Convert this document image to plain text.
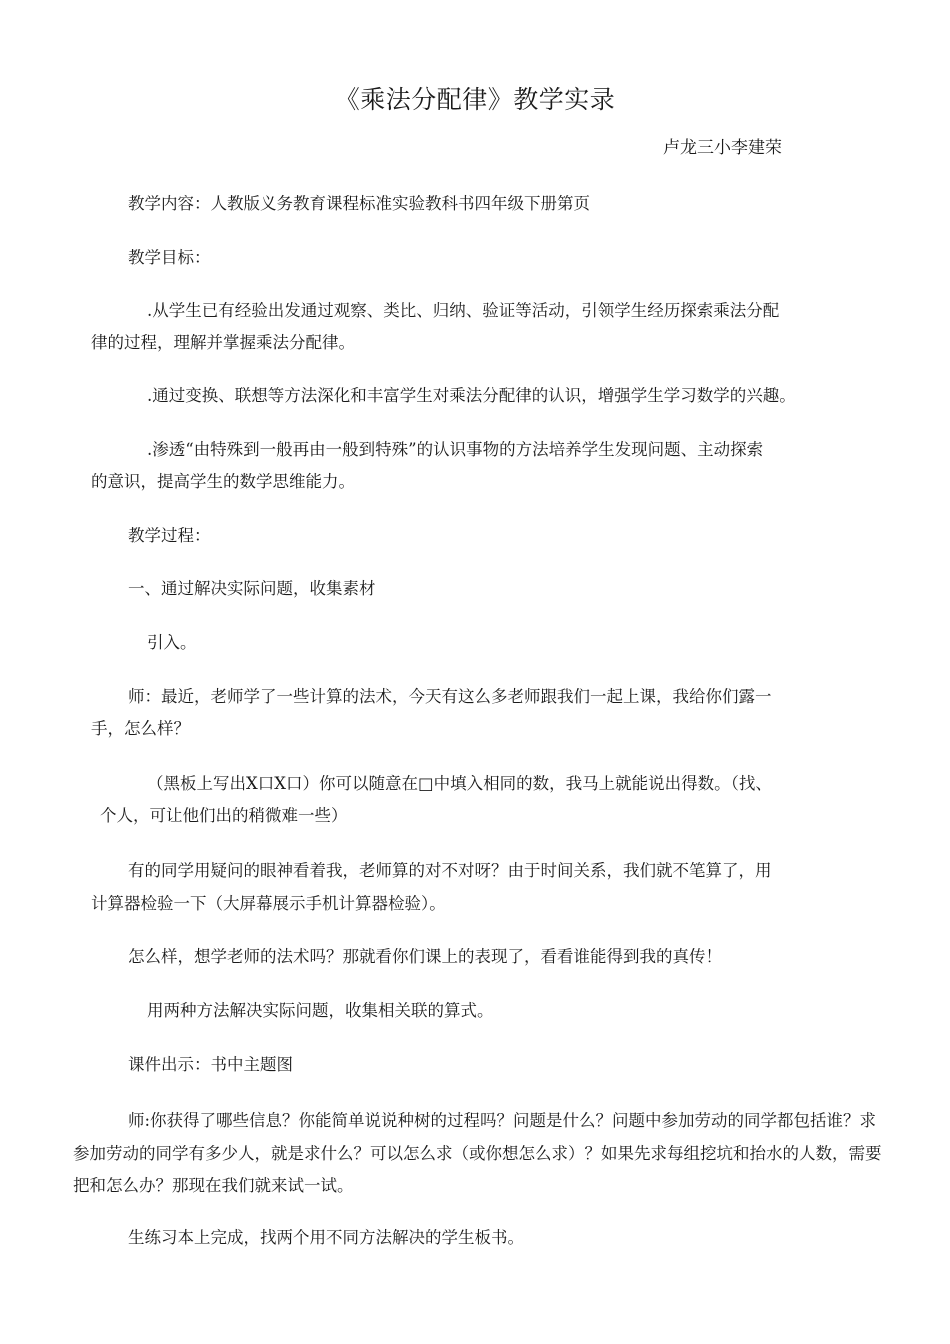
《乘法分配律》教学实录
卢龙三小李建荣
教学内容：人教版义务教育课程标准实验教科书四年级下册第页
教学目标：
.从学生已有经验出发通过观察、类比、归纳、验证等活动，引领学生经历探索乘法分配
律的过程，理解并掌握乘法分配律。
.通过变换、联想等方法深化和丰富学生对乘法分配律的认识，增强学生学习数学的兴趣。
.渗透“由特殊到一般再由一般到特殊”的认识事物的方法培养学生发现问题、主动探索
的意识，提高学生的数学思维能力。
教学过程：
一、通过解决实际问题，收集素材
引入。
师：最近，老师学了一些计算的法术，今天有这么多老师跟我们一起上课，我给你们露一
手，怎么样？
（黑板上写出X口X口）你可以随意在□中填入相同的数，我马上就能说出得数。（找、
个人，可让他们出的稍微难一些）
有的同学用疑问的眼神看着我，老师算的对不对呀？由于时间关系，我们就不笔算了，用
计算器检验一下（大屏幕展示手机计算器检验）。
怎么样，想学老师的法术吗？那就看你们课上的表现了，看看谁能得到我的真传！
用两种方法解决实际问题，收集相关联的算式。
课件出示：书中主题图
师:你获得了哪些信息？你能简单说说种树的过程吗？问题是什么？问题中参加劳动的同学都包括谁？求参加劳动的同学有多少人，就是求什么？可以怎么求（或你想怎么求）？如果先求每组挖坑和抬水的人数，需要把和怎么办？那现在我们就来试一试。
生练习本上完成，找两个用不同方法解决的学生板书。
